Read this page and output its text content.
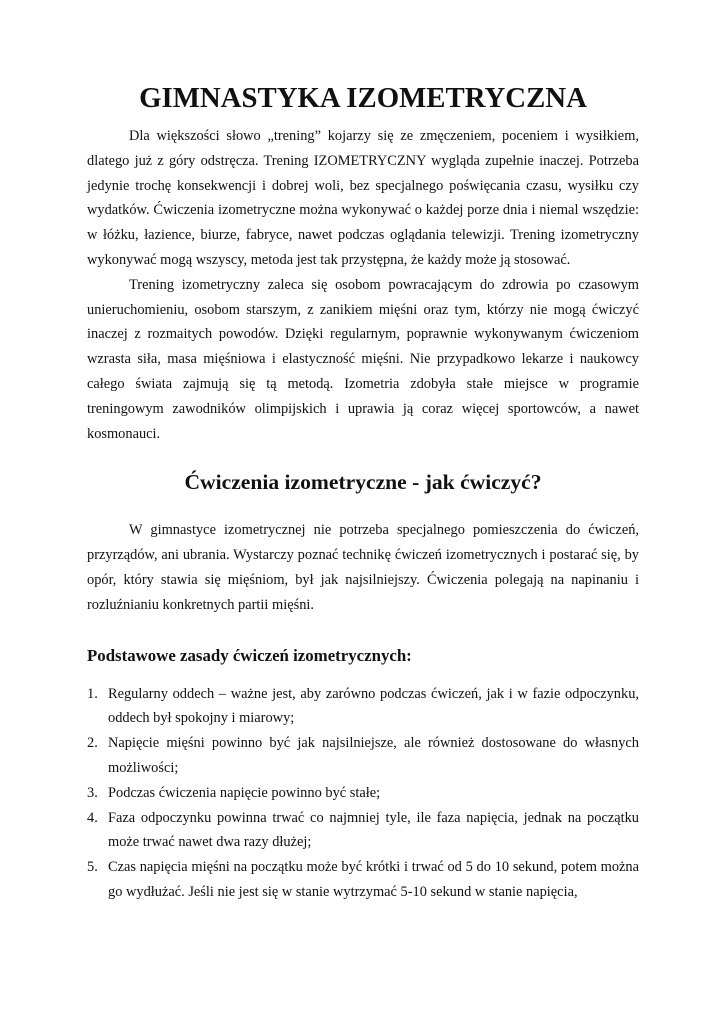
GIMNASTYKA IZOMETRYCZNA

Dla większości słowo „trening” kojarzy się ze zmęczeniem, poceniem i wysiłkiem, dlatego już z góry odstręcza. Trening IZOMETRYCZNY wygląda zupełnie inaczej. Potrzeba jedynie trochę konsekwencji i dobrej woli, bez specjalnego poświęcania czasu, wysiłku czy wydatków. Ćwiczenia izometryczne można wykonywać o każdej porze dnia i niemal wszędzie: w łóżku, łazience, biurze, fabryce, nawet podczas oglądania telewizji. Trening izometryczny wykonywać mogą wszyscy, metoda jest tak przystępna, że każdy może ją stosować.

Trening izometryczny zaleca się osobom powracającym do zdrowia po czasowym unieruchomieniu, osobom starszym, z zanikiem mięśni oraz tym, którzy nie mogą ćwiczyć inaczej z rozmaitych powodów. Dzięki regularnym, poprawnie wykonywanym ćwiczeniom wzrasta siła, masa mięśniowa i elastyczność mięśni. Nie przypadkowo lekarze i naukowcy całego świata zajmują się tą metodą. Izometria zdobyła stałe miejsce w programie treningowym zawodników olimpijskich i uprawia ją coraz więcej sportowców, a nawet kosmonauci.

Ćwiczenia izometryczne - jak ćwiczyć?

W gimnastyce izometrycznej nie potrzeba specjalnego pomieszczenia do ćwiczeń, przyrządów, ani ubrania. Wystarczy poznać technikę ćwiczeń izometrycznych i postarać się, by opór, który stawia się mięśniom, był jak najsilniejszy. Ćwiczenia polegają na napinaniu i rozluźnianiu konkretnych partii mięśni.

Podstawowe zasady ćwiczeń izometrycznych:
1. Regularny oddech – ważne jest, aby zarówno podczas ćwiczeń, jak i w fazie odpoczynku, oddech był spokojny i miarowy;
2. Napięcie mięśni powinno być jak najsilniejsze, ale również dostosowane do własnych możliwości;
3. Podczas ćwiczenia napięcie powinno być stałe;
4. Faza odpoczynku powinna trwać co najmniej tyle, ile faza napięcia, jednak na początku może trwać nawet dwa razy dłużej;
5. Czas napięcia mięśni na początku może być krótki i trwać od 5 do 10 sekund, potem można go wydłużać. Jeśli nie jest się w stanie wytrzymać 5-10 sekund w stanie napięcia,
